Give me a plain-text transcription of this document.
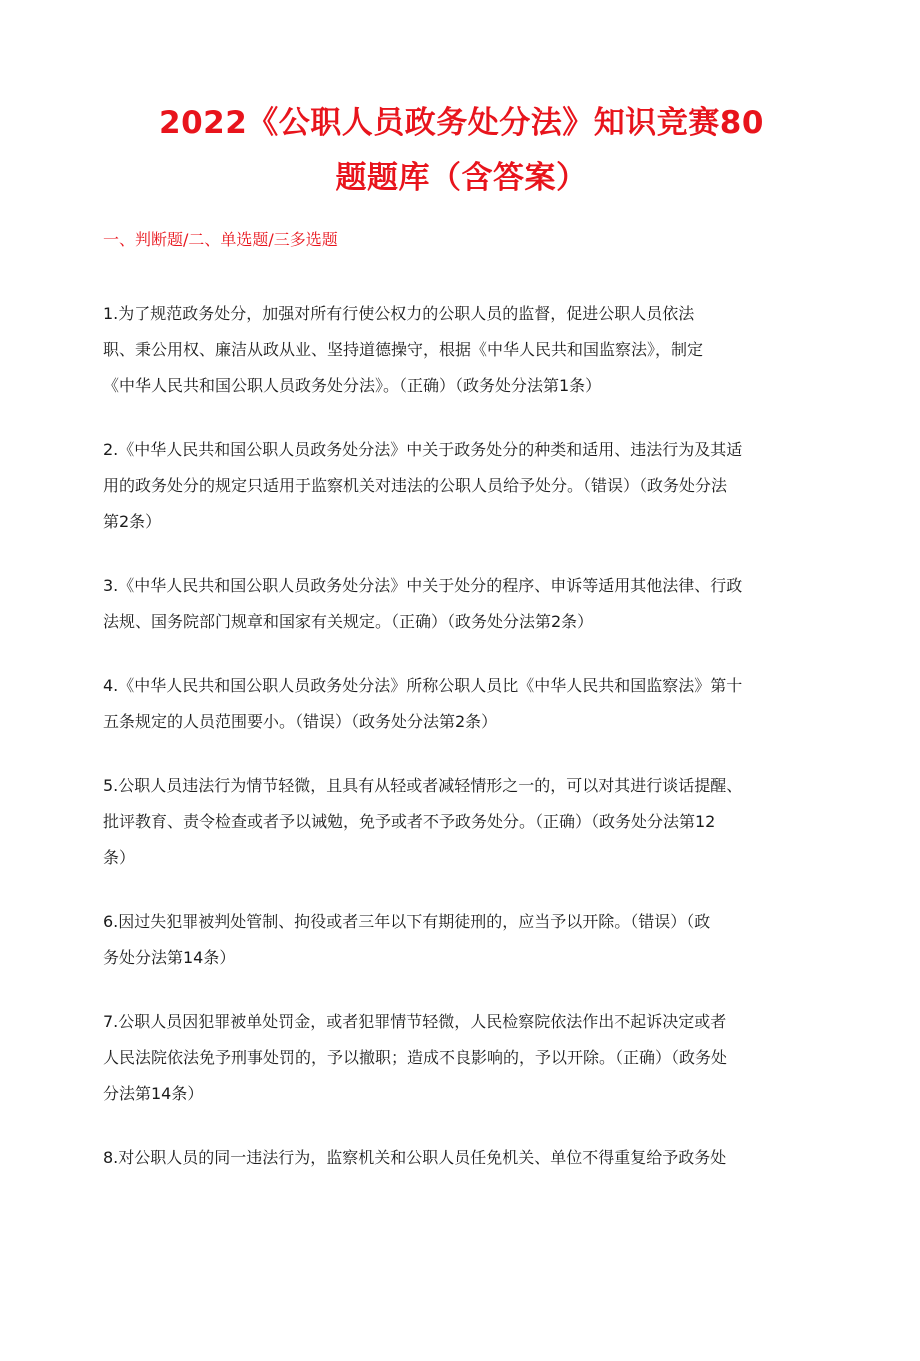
2022《公职人员政务处分法》知识竞赛80
题题库（含答案）
一、判断题/二、单选题/三多选题
1.为了规范政务处分，加强对所有行使公权力的公职人员的监督，促进公职人员依法
职、秉公用权、廉洁从政从业、坚持道德操守，根据《中华人民共和国监察法》，制定
《中华人民共和国公职人员政务处分法》。（正确）（政务处分法第1条）
2.《中华人民共和国公职人员政务处分法》中关于政务处分的种类和适用、违法行为及其适
用的政务处分的规定只适用于监察机关对违法的公职人员给予处分。（错误）（政务处分法
第2条）
3.《中华人民共和国公职人员政务处分法》中关于处分的程序、申诉等适用其他法律、行政
法规、国务院部门规章和国家有关规定。（正确）（政务处分法第2条）
4.《中华人民共和国公职人员政务处分法》所称公职人员比《中华人民共和国监察法》第十
五条规定的人员范围要小。（错误）（政务处分法第2条）
5.公职人员违法行为情节轻微，且具有从轻或者减轻情形之一的，可以对其进行谈话提醒、
批评教育、责令检查或者予以诫勉，免予或者不予政务处分。（正确）（政务处分法第12
条）
6.因过失犯罪被判处管制、拘役或者三年以下有期徒刑的，应当予以开除。（错误）（政
务处分法第14条）
7.公职人员因犯罪被单处罚金，或者犯罪情节轻微，人民检察院依法作出不起诉决定或者
人民法院依法免予刑事处罚的，予以撤职；造成不良影响的，予以开除。（正确）（政务处
分法第14条）
8.对公职人员的同一违法行为，监察机关和公职人员任免机关、单位不得重复给予政务处
